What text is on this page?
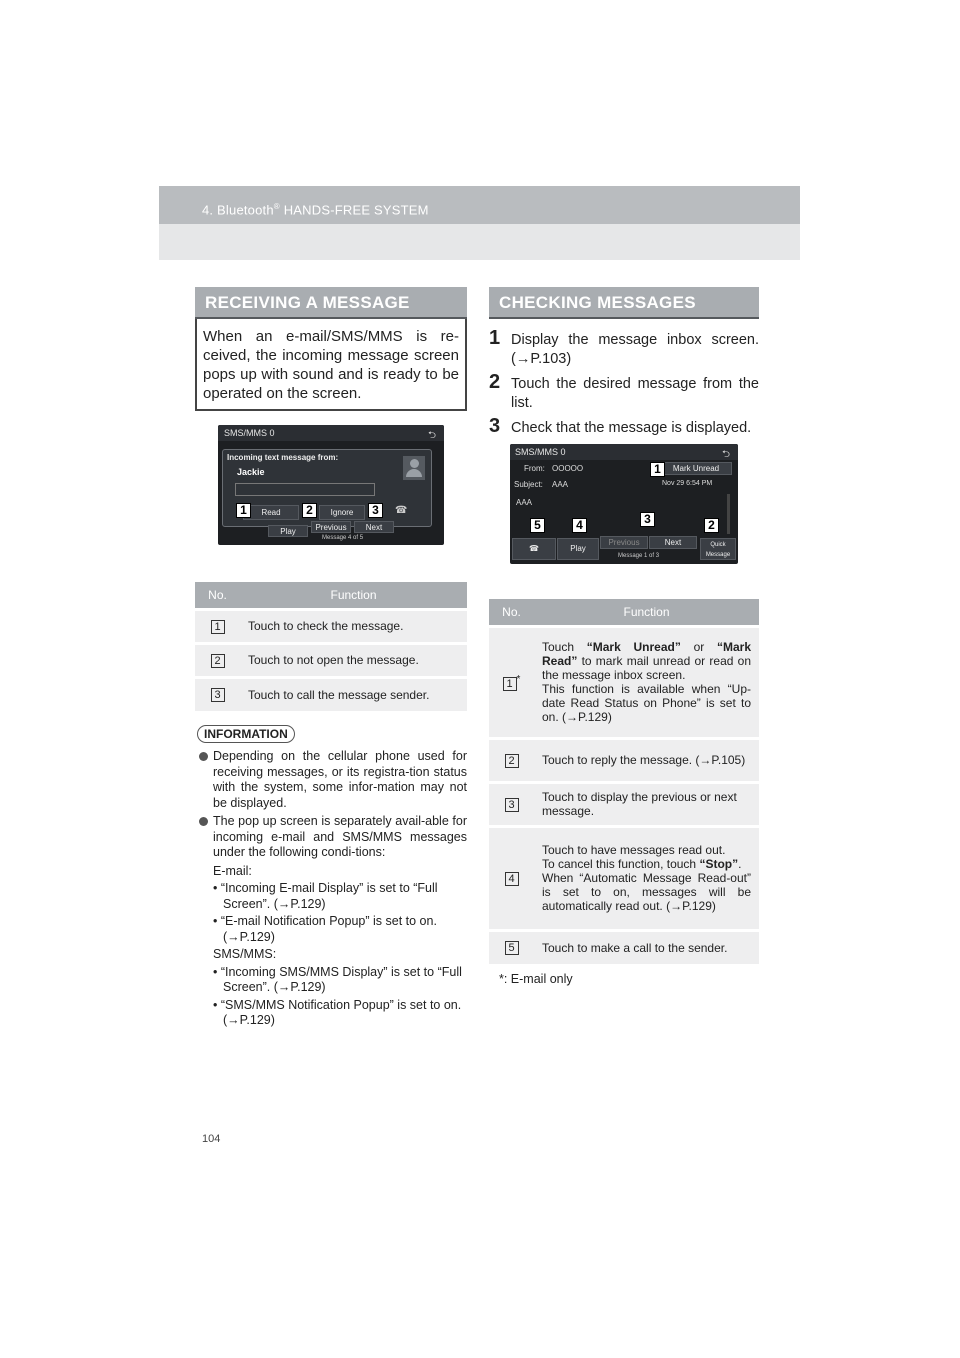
4. Bluetooth® HANDS-FREE SYSTEM
RECEIVING A MESSAGE
When an e-mail/SMS/MMS is re-ceived, the incoming message screen pops up with sound and is ready to be operated on the screen.
SMS/MMS 0	⮌
Incoming text message from:
Jackie
Read	Ignore	☎
Play	Previous	Next
Message 4 of 5
1	2	3
No.	Function
1	Touch to check the message.
2	Touch to not open the message.
3	Touch to call the message sender.
INFORMATION
Depending on the cellular phone used for receiving messages, or its registra-tion status with the system, some infor-mation may not be displayed.
The pop up screen is separately avail-able for incoming e-mail and SMS/MMS messages under the following condi-tions:
E-mail:
• “Incoming E-mail Display” is set to “Full Screen”. (→P.129)
• “E-mail Notification Popup” is set to on. (→P.129)
SMS/MMS:
• “Incoming SMS/MMS Display” is set to “Full Screen”. (→P.129)
• “SMS/MMS Notification Popup” is set to on. (→P.129)
CHECKING MESSAGES
1 Display the message inbox screen. (→P.103)
2 Touch the desired message from the list.
3 Check that the message is displayed.
SMS/MMS 0	⮌
From: OOOOO	Mark Unread
Subject: AAA	Nov 29 6:54 PM
AAA
☎	Play
Previous	Next
Message 1 of 3
Quick Message
1
5	4	3	2
No.	Function
1 *	Touch “Mark Unread” or “Mark Read” to mark mail unread or read on the message inbox screen.
This function is available when “Up-date Read Status on Phone” is set to on. (→P.129)
2	Touch to reply the message. (→P.105)
3	Touch to display the previous or next message.
4	Touch to have messages read out.
To cancel this function, touch “Stop”.
When “Automatic Message Read-out” is set to on, messages will be automatically read out. (→P.129)
5	Touch to make a call to the sender.
*: E-mail only
104
